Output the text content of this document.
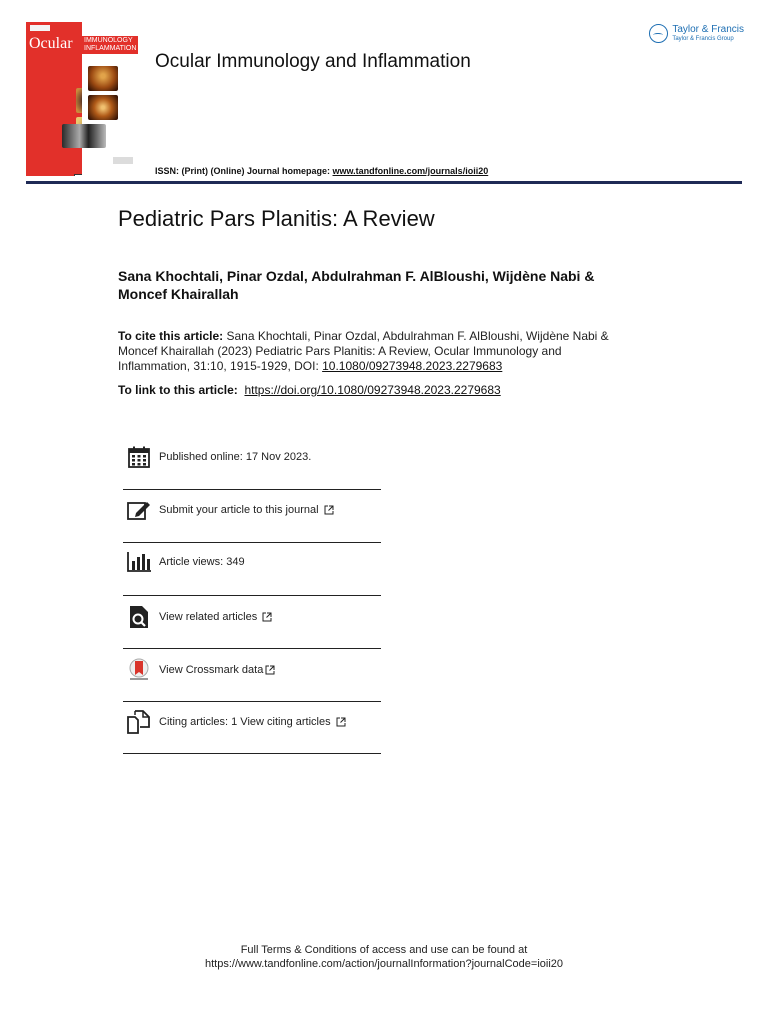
Ocular IMMUNOLOGY
INFLAMMATION
Ocular Immunology and Inflammation
Taylor & Francis
Taylor & Francis Group
ISSN: (Print) (Online) Journal homepage: www.tandfonline.com/journals/ioii20
Pediatric Pars Planitis: A Review
Sana Khochtali, Pinar Ozdal, Abdulrahman F. AlBloushi, Wijdène Nabi & Moncef Khairallah
To cite this article: Sana Khochtali, Pinar Ozdal, Abdulrahman F. AlBloushi, Wijdène Nabi & Moncef Khairallah (2023) Pediatric Pars Planitis: A Review, Ocular Immunology and Inflammation, 31:10, 1915-1929, DOI: 10.1080/09273948.2023.2279683
To link to this article:  https://doi.org/10.1080/09273948.2023.2279683
Published online: 17 Nov 2023.
Submit your article to this journal
Article views: 349
View related articles
View Crossmark data
Citing articles: 1 View citing articles
Full Terms & Conditions of access and use can be found at
https://www.tandfonline.com/action/journalInformation?journalCode=ioii20
